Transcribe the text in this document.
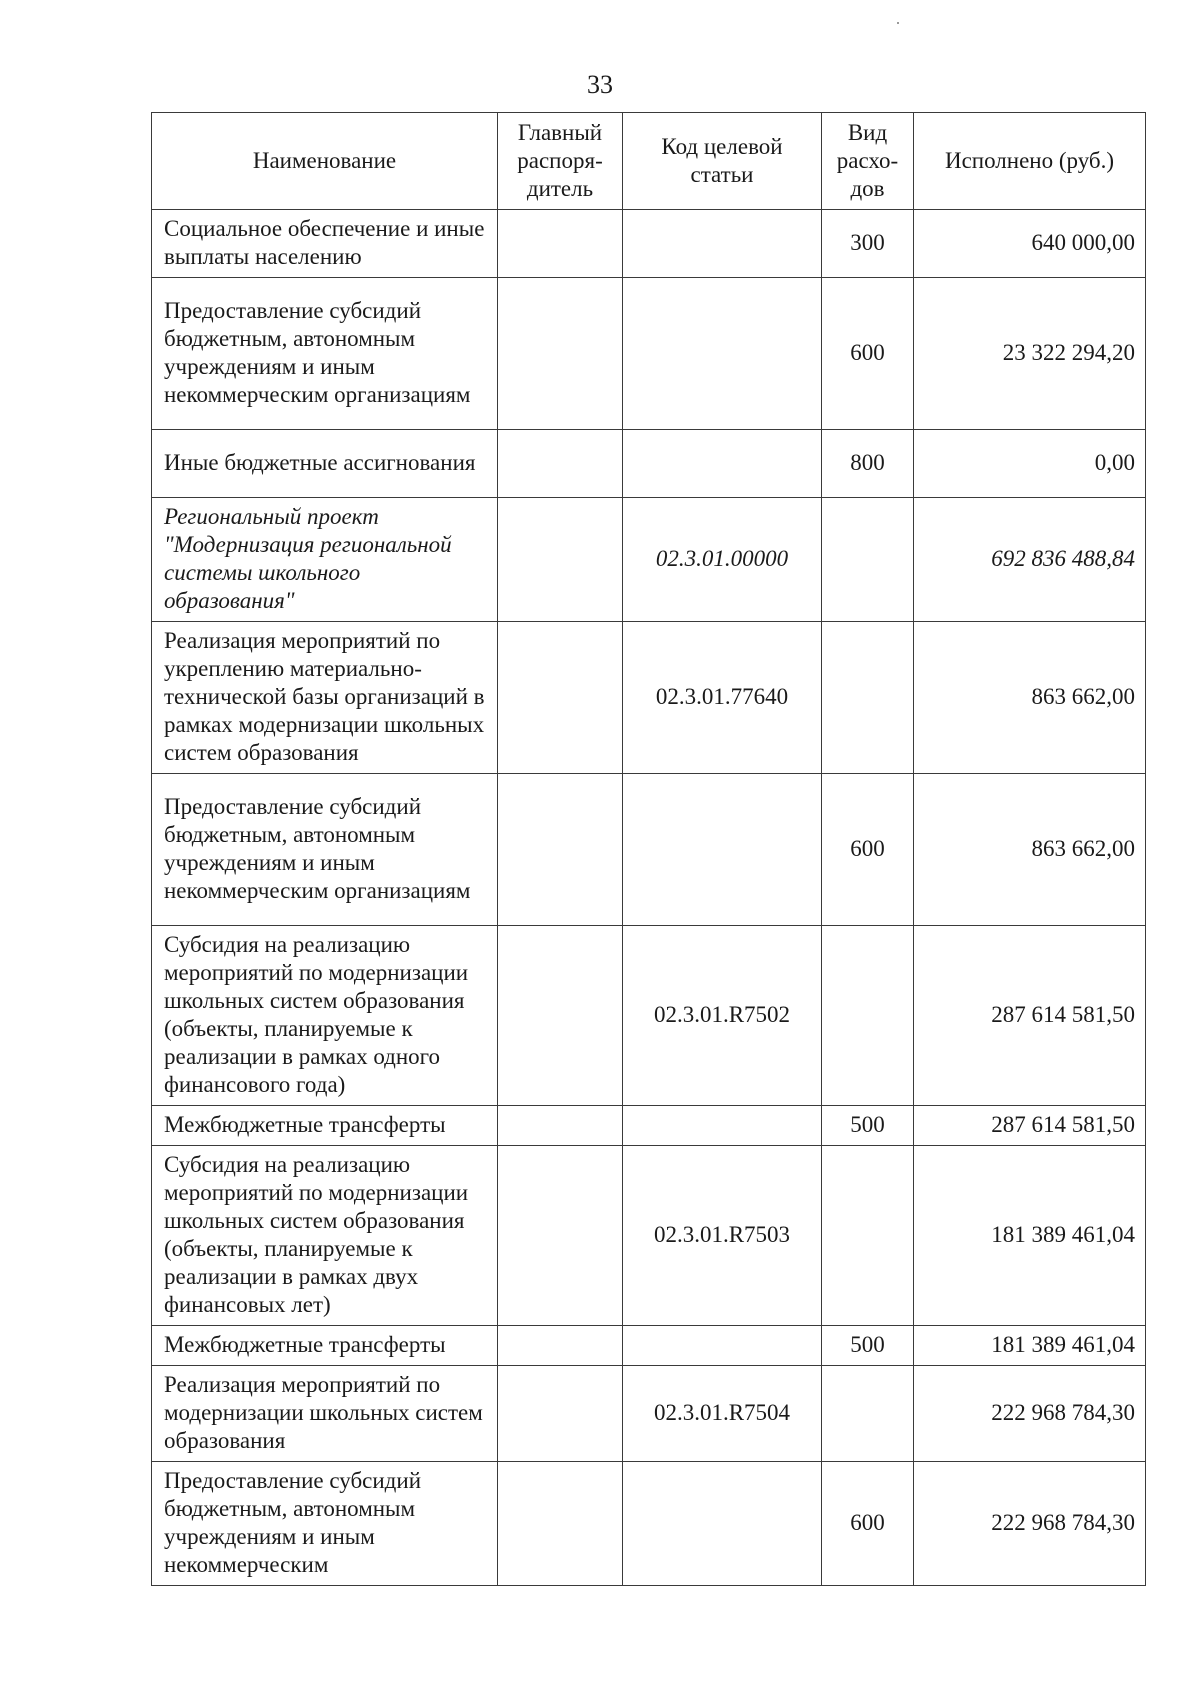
33
Наименование	Главный распоря-дитель	Код целевой статьи	Вид расхо-дов	Исполнено (руб.)
Социальное обеспечение и иные выплаты населению			300	640 000,00
Предоставление субсидий бюджетным, автономным учреждениям и иным некоммерческим организациям			600	23 322 294,20
Иные бюджетные ассигнования			800	0,00
Региональный проект "Модернизация региональной системы школьного образования"		02.3.01.00000		692 836 488,84
Реализация мероприятий по укреплению материально-технической базы организаций в рамках модернизации школьных систем образования		02.3.01.77640		863 662,00
Предоставление субсидий бюджетным, автономным учреждениям и иным некоммерческим организациям			600	863 662,00
Субсидия на реализацию мероприятий по модернизации школьных систем образования (объекты, планируемые к реализации в рамках одного финансового года)		02.3.01.R7502		287 614 581,50
Межбюджетные трансферты			500	287 614 581,50
Субсидия на реализацию мероприятий по модернизации школьных систем образования (объекты, планируемые к реализации в рамках двух финансовых лет)		02.3.01.R7503		181 389 461,04
Межбюджетные трансферты			500	181 389 461,04
Реализация мероприятий по модернизации школьных систем образования		02.3.01.R7504		222 968 784,30
Предоставление субсидий бюджетным, автономным учреждениям и иным некоммерческим			600	222 968 784,30
